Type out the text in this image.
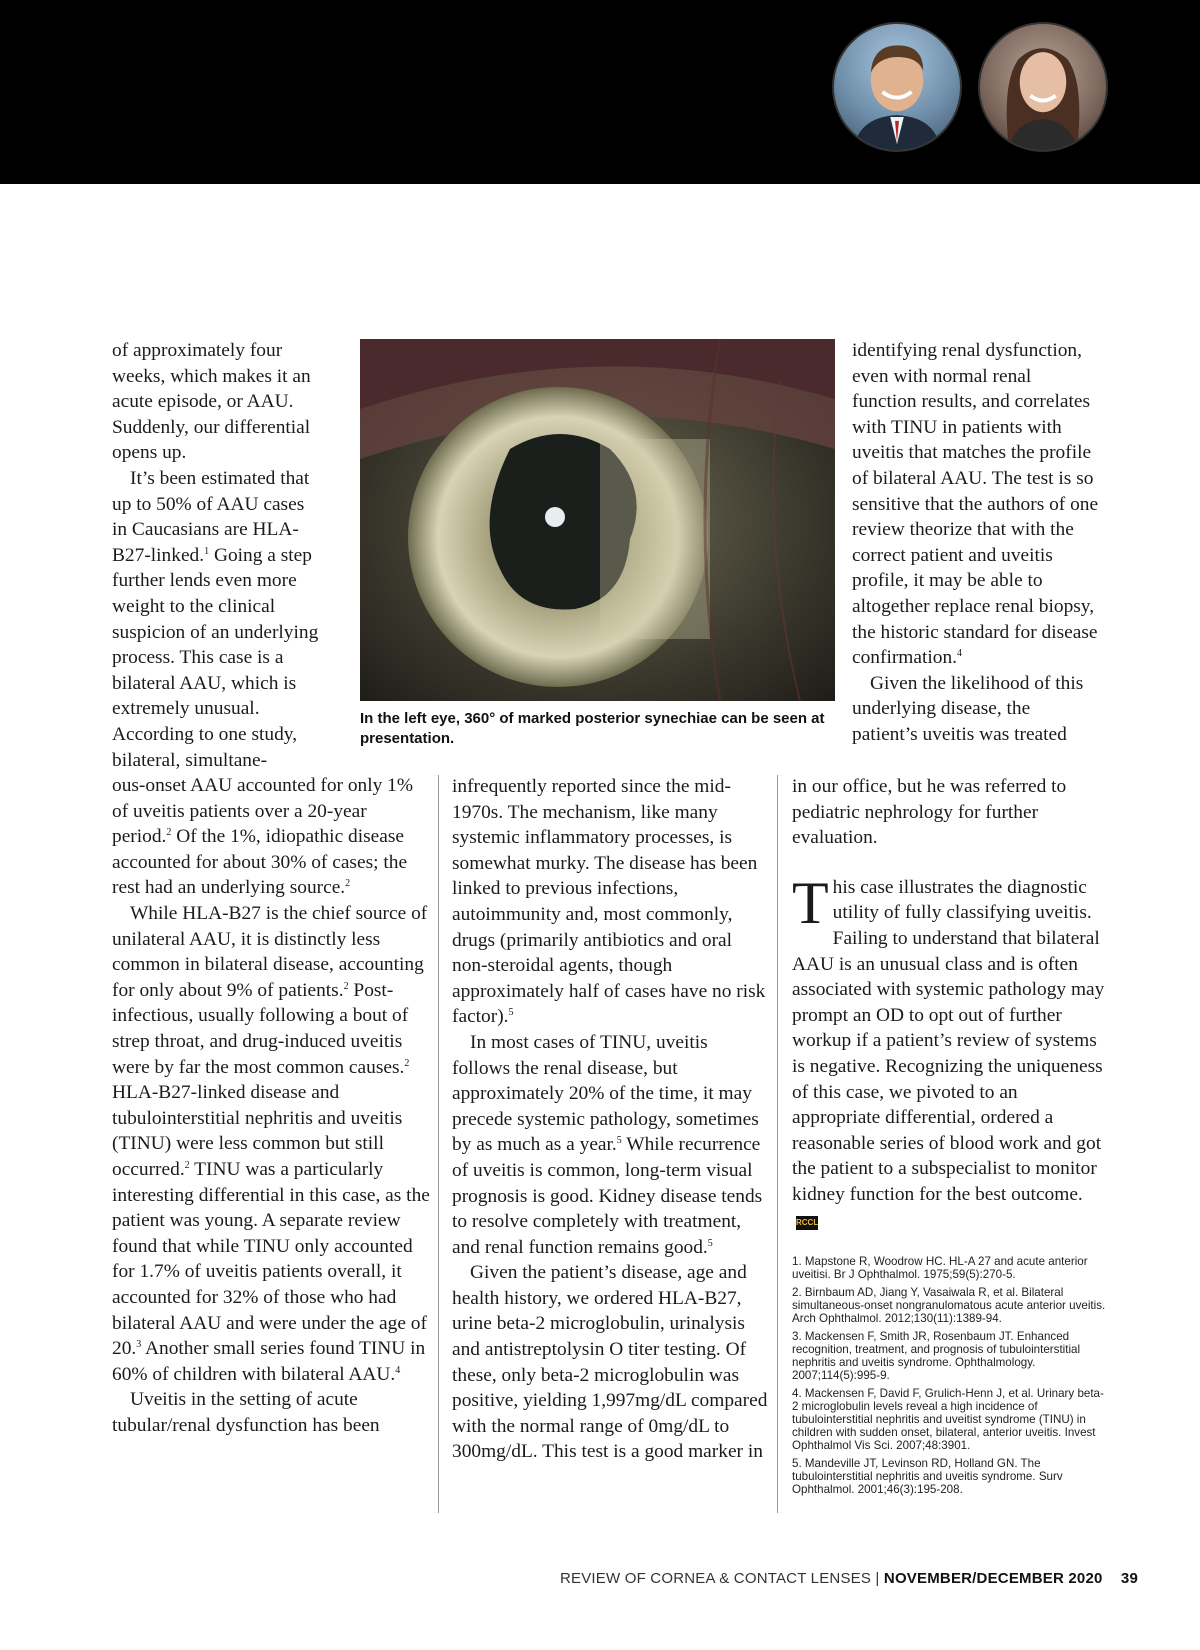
identifying renal dysfunction, even with normal renal function results, and correlates with TINU in patients with uveitis that matches the profile of bilateral AAU. The test is so sensitive that the authors of one review theorize that with the correct patient and uveitis profile, it may be able to altogether replace renal biopsy, the historic standard for disease confirmation.$^4$

Given the likelihood of this underlying disease, the patient’s uveitis was treated

In the left eye, 360° of marked posterior synechiae can be seen at presentation.

of approximately four weeks, which makes it an acute episode, or AAU. Suddenly, our differential opens up.

It’s been estimated that up to 50% of AAU cases in Caucasians are HLA-B27-linked.$^1$ Going a step further lends even more weight to the clinical suspicion of an underlying process. This case is a bilateral AAU, which is extremely unusual. According to one study, bilateral, simultane-

ous-onset AAU accounted for only 1% of uveitis patients over a 20-year period.$^2$ Of the 1%, idiopathic disease accounted for about 30% of cases; the rest had an underlying source.$^2$

While HLA-B27 is the chief source of unilateral AAU, it is distinctly less common in bilateral disease, accounting for only about 9% of patients.$^2$ Post-infectious, usually following a bout of strep throat, and drug-induced uveitis were by far the most common causes.$^2$ HLA-B27-linked disease and tubulointerstitial nephritis and uveitis (TINU) were less common but still occurred.$^2$ TINU was a particularly interesting differential in this case, as the patient was young. A separate review found that while TINU only accounted for 1.7% of uveitis patients overall, it accounted for 32% of those who had bilateral AAU and were under the age of 20.$^3$ Another small series found TINU in 60% of children with bilateral AAU.$^4$

Uveitis in the setting of acute tubular/renal dysfunction has been

infrequently reported since the mid-1970s. The mechanism, like many systemic inflammatory processes, is somewhat murky. The disease has been linked to previous infections, autoimmunity and, most commonly, drugs (primarily antibiotics and oral non-steroidal agents, though approximately half of cases have no risk factor).$^5$

In most cases of TINU, uveitis follows the renal disease, but approximately 20% of the time, it may precede systemic pathology, sometimes by as much as a year.$^5$ While recurrence of uveitis is common, long-term visual prognosis is good. Kidney disease tends to resolve completely with treatment, and renal function remains good.$^5$

Given the patient’s disease, age and health history, we ordered HLA-B27, urine beta-2 microglobulin, urinalysis and antistreptolysin O titer testing. Of these, only beta-2 microglobulin was positive, yielding 1,997mg/dL compared with the normal range of 0mg/dL to 300mg/dL. This test is a good marker in

in our office, but he was referred to pediatric nephrology for further evaluation.

This case illustrates the diagnostic utility of fully classifying uveitis. Failing to understand that bilateral AAU is an unusual class and is often associated with systemic pathology may prompt an OD to opt out of further workup if a patient’s review of systems is negative. Recognizing the uniqueness of this case, we pivoted to an appropriate differential, ordered a reasonable series of blood work and got the patient to a subspecialist to monitor kidney function for the best outcome.RCCL

1. Mapstone R, Woodrow HC. HL-A 27 and acute anterior uveitisi. Br J Ophthalmol. 1975;59(5):270-5.
2. Birnbaum AD, Jiang Y, Vasaiwala R, et al. Bilateral simultaneous-onset nongranulomatous acute anterior uveitis. Arch Ophthalmol. 2012;130(11):1389-94.
3. Mackensen F, Smith JR, Rosenbaum JT. Enhanced recognition, treatment, and prognosis of tubulointerstitial nephritis and uveitis syndrome. Ophthalmology. 2007;114(5):995-9.
4. Mackensen F, David F, Grulich-Henn J, et al. Urinary beta-2 microglobulin levels reveal a high incidence of tubulointerstitial nephritis and uveitist syndrome (TINU) in children with sudden onset, bilateral, anterior uveitis. Invest Ophthalmol Vis Sci. 2007;48:3901.
5. Mandeville JT, Levinson RD, Holland GN. The tubulointerstitial nephritis and uveitis syndrome. Surv Ophthalmol. 2001;46(3):195-208.
REVIEW OF CORNEA & CONTACT LENSES | NOVEMBER/DECEMBER 2020 39
